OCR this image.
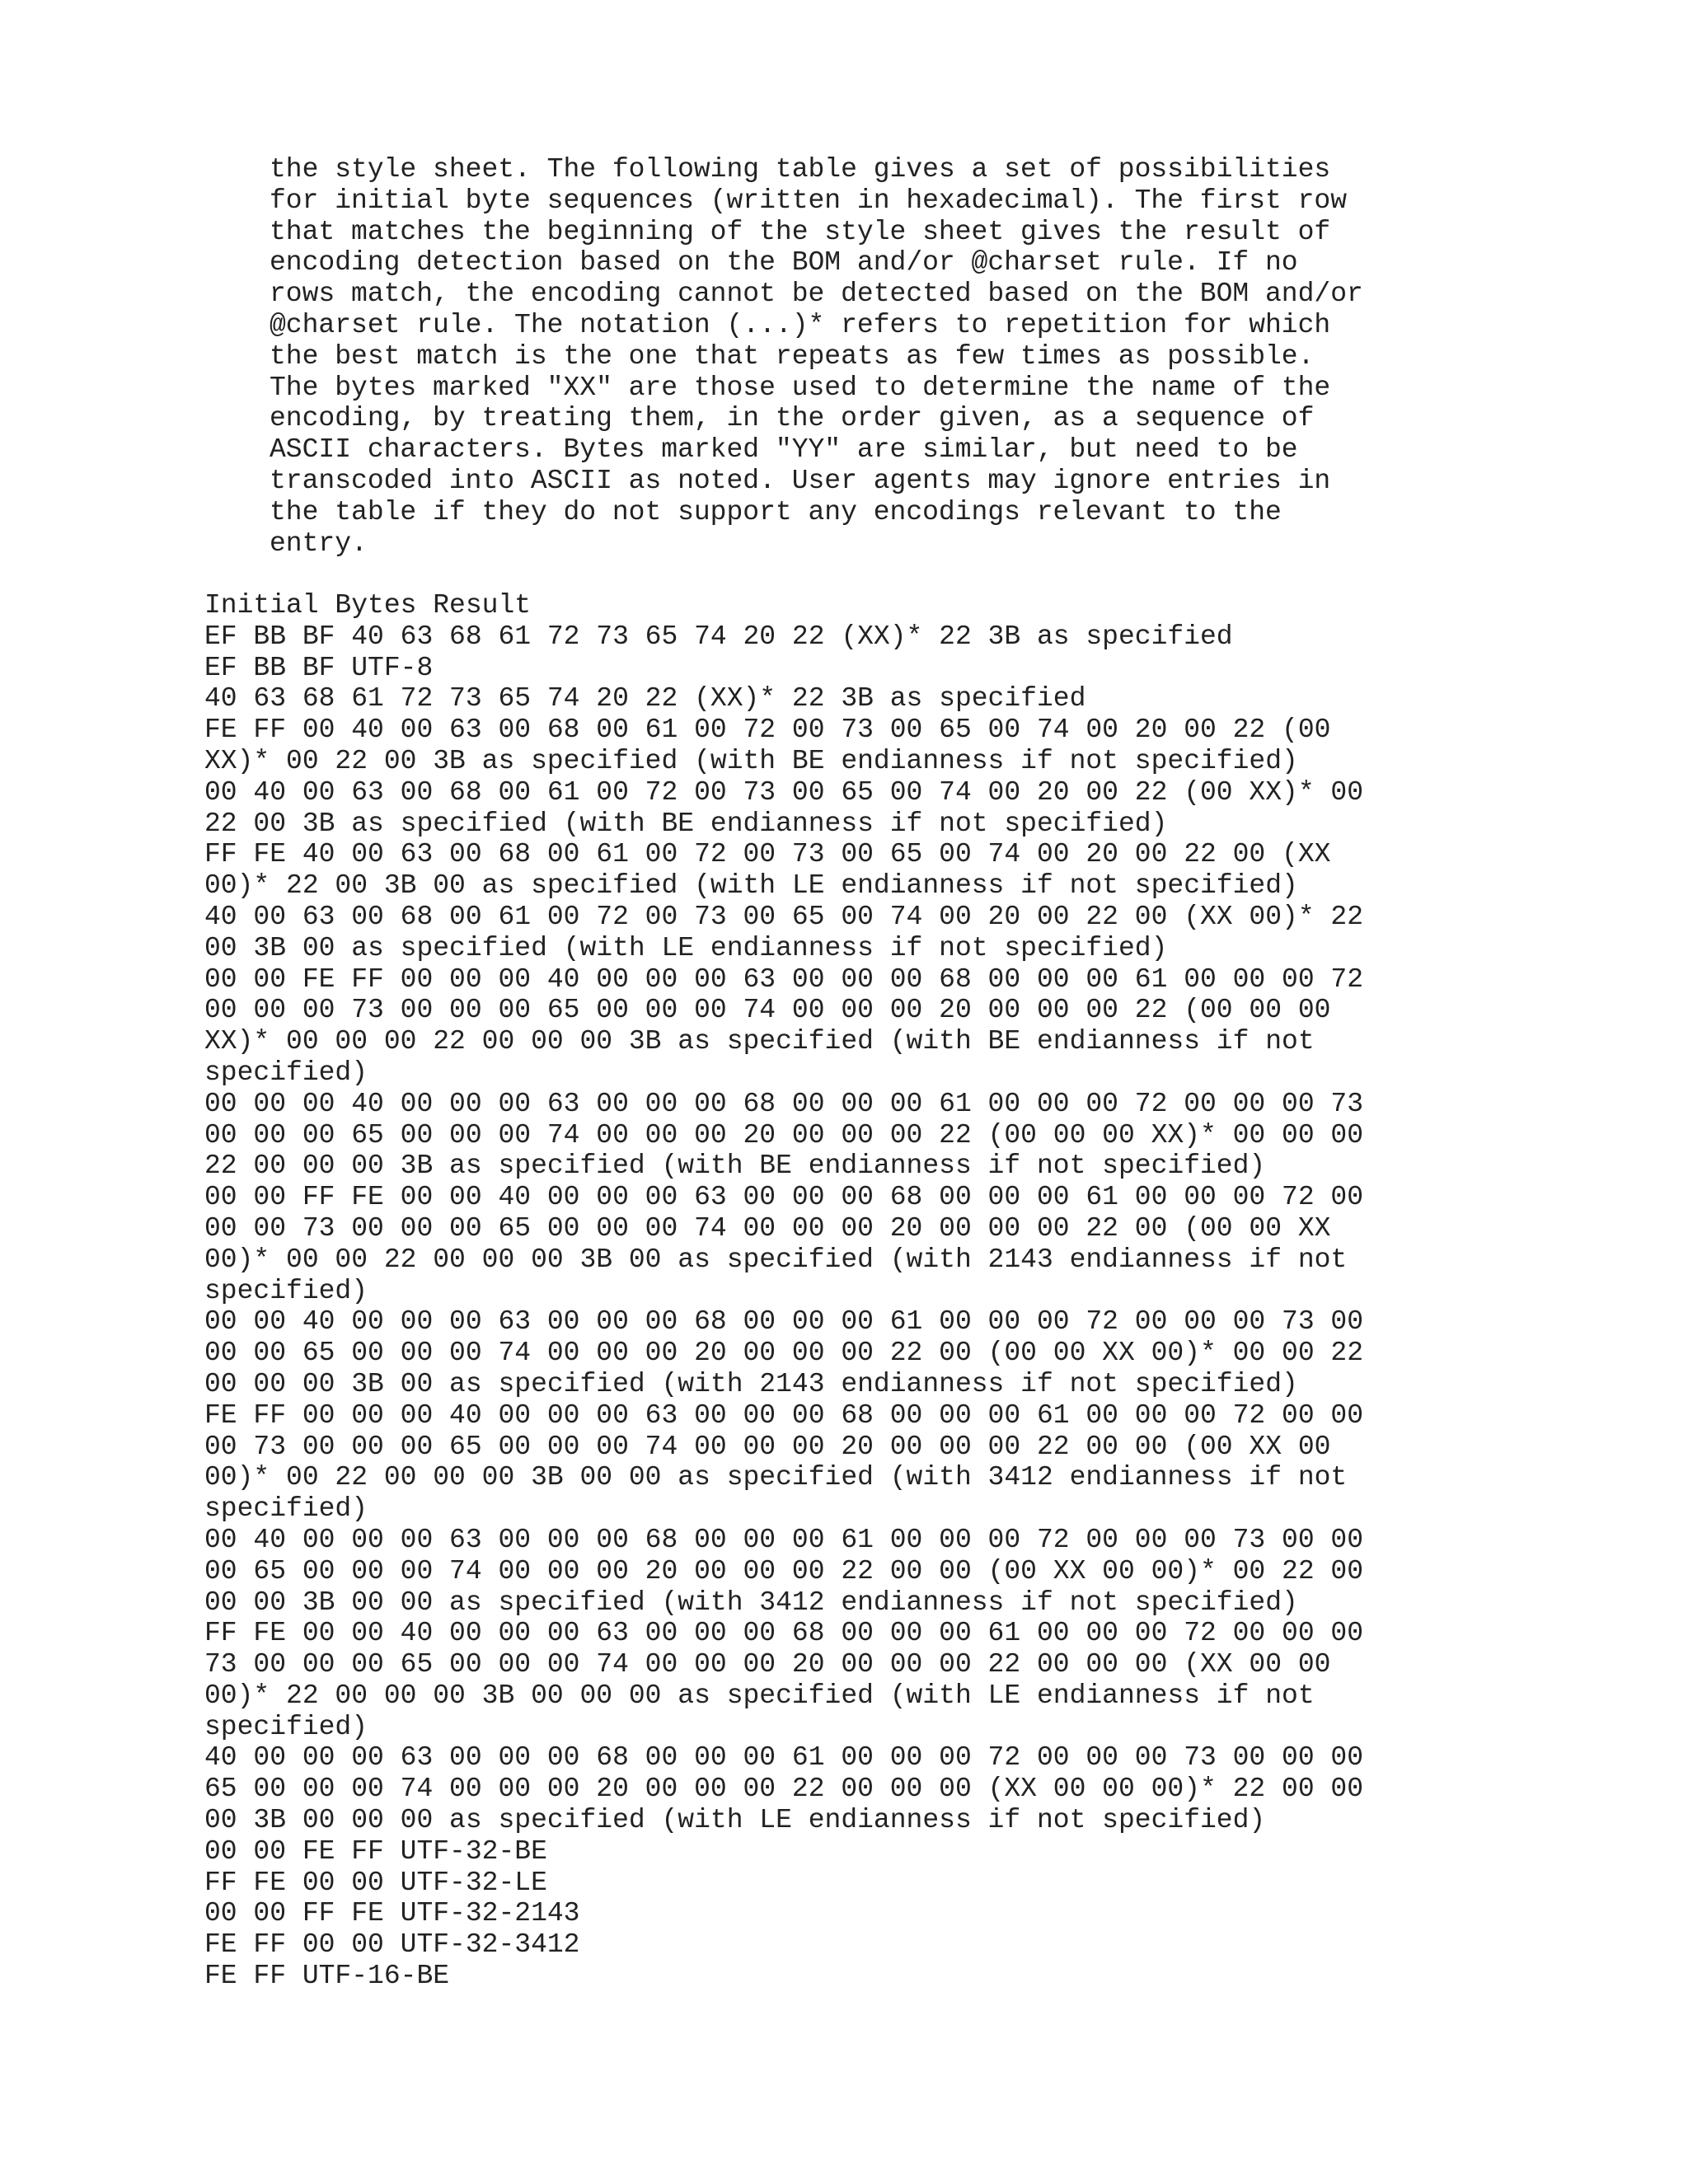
the style sheet. The following table gives a set of possibilities
for initial byte sequences (written in hexadecimal). The first row
that matches the beginning of the style sheet gives the result of
encoding detection based on the BOM and/or @charset rule. If no
rows match, the encoding cannot be detected based on the BOM and/or
@charset rule. The notation (...)* refers to repetition for which
the best match is the one that repeats as few times as possible.
The bytes marked "XX" are those used to determine the name of the
encoding, by treating them, in the order given, as a sequence of
ASCII characters. Bytes marked "YY" are similar, but need to be
transcoded into ASCII as noted. User agents may ignore entries in
the table if they do not support any encodings relevant to the
entry.
Initial Bytes Result
EF BB BF 40 63 68 61 72 73 65 74 20 22 (XX)* 22 3B as specified
EF BB BF UTF-8
40 63 68 61 72 73 65 74 20 22 (XX)* 22 3B as specified
FE FF 00 40 00 63 00 68 00 61 00 72 00 73 00 65 00 74 00 20 00 22 (00
XX)* 00 22 00 3B as specified (with BE endianness if not specified)
00 40 00 63 00 68 00 61 00 72 00 73 00 65 00 74 00 20 00 22 (00 XX)* 00
22 00 3B as specified (with BE endianness if not specified)
FF FE 40 00 63 00 68 00 61 00 72 00 73 00 65 00 74 00 20 00 22 00 (XX
00)* 22 00 3B 00 as specified (with LE endianness if not specified)
40 00 63 00 68 00 61 00 72 00 73 00 65 00 74 00 20 00 22 00 (XX 00)* 22
00 3B 00 as specified (with LE endianness if not specified)
00 00 FE FF 00 00 00 40 00 00 00 63 00 00 00 68 00 00 00 61 00 00 00 72
00 00 00 73 00 00 00 65 00 00 00 74 00 00 00 20 00 00 00 22 (00 00 00
XX)* 00 00 00 22 00 00 00 3B as specified (with BE endianness if not
specified)
00 00 00 40 00 00 00 63 00 00 00 68 00 00 00 61 00 00 00 72 00 00 00 73
00 00 00 65 00 00 00 74 00 00 00 20 00 00 00 22 (00 00 00 XX)* 00 00 00
22 00 00 00 3B as specified (with BE endianness if not specified)
00 00 FF FE 00 00 40 00 00 00 63 00 00 00 68 00 00 00 61 00 00 00 72 00
00 00 73 00 00 00 65 00 00 00 74 00 00 00 20 00 00 00 22 00 (00 00 XX
00)* 00 00 22 00 00 00 3B 00 as specified (with 2143 endianness if not
specified)
00 00 40 00 00 00 63 00 00 00 68 00 00 00 61 00 00 00 72 00 00 00 73 00
00 00 65 00 00 00 74 00 00 00 20 00 00 00 22 00 (00 00 XX 00)* 00 00 22
00 00 00 3B 00 as specified (with 2143 endianness if not specified)
FE FF 00 00 00 40 00 00 00 63 00 00 00 68 00 00 00 61 00 00 00 72 00 00
00 73 00 00 00 65 00 00 00 74 00 00 00 20 00 00 00 22 00 00 (00 XX 00
00)* 00 22 00 00 00 3B 00 00 as specified (with 3412 endianness if not
specified)
00 40 00 00 00 63 00 00 00 68 00 00 00 61 00 00 00 72 00 00 00 73 00 00
00 65 00 00 00 74 00 00 00 20 00 00 00 22 00 00 (00 XX 00 00)* 00 22 00
00 00 3B 00 00 as specified (with 3412 endianness if not specified)
FF FE 00 00 40 00 00 00 63 00 00 00 68 00 00 00 61 00 00 00 72 00 00 00
73 00 00 00 65 00 00 00 74 00 00 00 20 00 00 00 22 00 00 00 (XX 00 00
00)* 22 00 00 00 3B 00 00 00 as specified (with LE endianness if not
specified)
40 00 00 00 63 00 00 00 68 00 00 00 61 00 00 00 72 00 00 00 73 00 00 00
65 00 00 00 74 00 00 00 20 00 00 00 22 00 00 00 (XX 00 00 00)* 22 00 00
00 3B 00 00 00 as specified (with LE endianness if not specified)
00 00 FE FF UTF-32-BE
FF FE 00 00 UTF-32-LE
00 00 FF FE UTF-32-2143
FE FF 00 00 UTF-32-3412
FE FF UTF-16-BE
